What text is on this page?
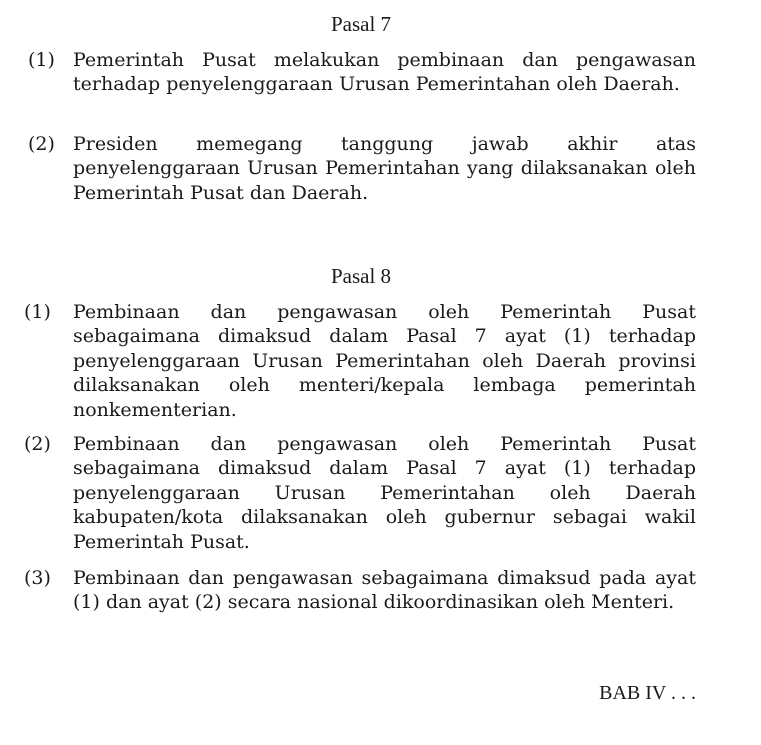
Pasal 7
(1) Pemerintah Pusat melakukan pembinaan dan pengawasan terhadap penyelenggaraan Urusan Pemerintahan oleh Daerah.
(2) Presiden memegang tanggung jawab akhir atas penyelenggaraan Urusan Pemerintahan yang dilaksanakan oleh Pemerintah Pusat dan Daerah.
Pasal 8
(1)	Pembinaan dan pengawasan oleh Pemerintah Pusat sebagaimana dimaksud dalam Pasal 7 ayat (1) terhadap penyelenggaraan Urusan Pemerintahan oleh Daerah provinsi dilaksanakan oleh menteri/kepala lembaga pemerintah nonkementerian.
(2)	Pembinaan dan pengawasan oleh Pemerintah Pusat sebagaimana dimaksud dalam Pasal 7 ayat (1) terhadap penyelenggaraan Urusan Pemerintahan oleh Daerah kabupaten/kota dilaksanakan oleh gubernur sebagai wakil Pemerintah Pusat.
(3)	Pembinaan dan pengawasan sebagaimana dimaksud pada ayat (1) dan ayat (2) secara nasional dikoordinasikan oleh Menteri.
BAB IV . . .
